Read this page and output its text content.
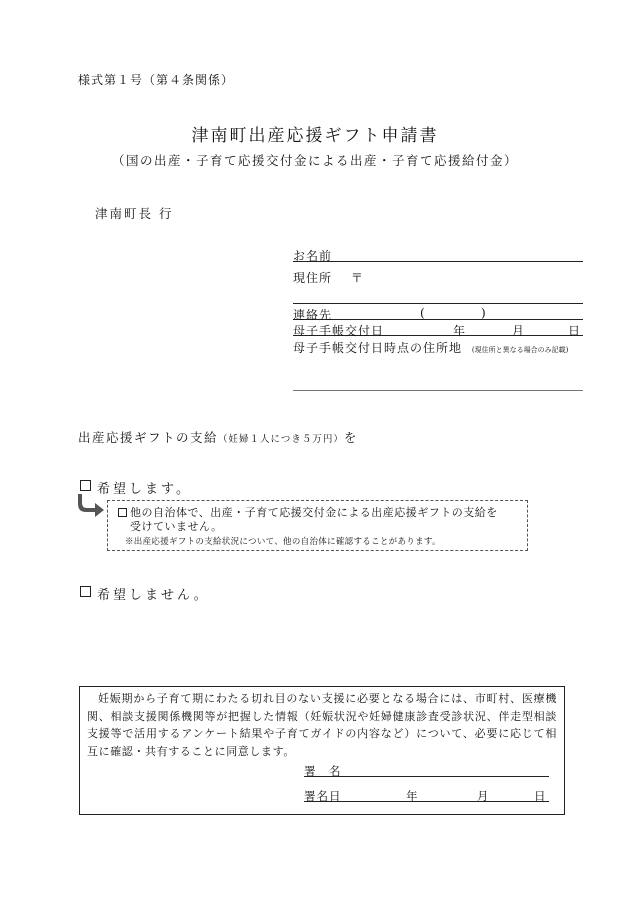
様式第１号（第４条関係）
津南町出産応援ギフト申請書
（国の出産・子育て応援交付金による出産・子育て応援給付金）
津南町長 行
お名前
現住所 〒
連絡先	(	)
母子手帳交付日	年	月	日
母子手帳交付日時点の住所地 (現住所と異なる場合のみ記載)
出産応援ギフトの支給（妊婦１人につき５万円）を
希望します。
他の自治体で、出産・子育て応援交付金による出産応援ギフトの支給を
受けていません。
※出産応援ギフトの支給状況について、他の自治体に確認することがあります。
希望しません。
妊娠期から子育て期にわたる切れ目のない支援に必要となる場合には、市町村、医療機関、相談支援関係機関等が把握した情報（妊娠状況や妊婦健康診査受診状況、伴走型相談支援等で活用するアンケート結果や子育てガイドの内容など）について、必要に応じて相互に確認・共有することに同意します。
署　名
署名日	年	月	日
